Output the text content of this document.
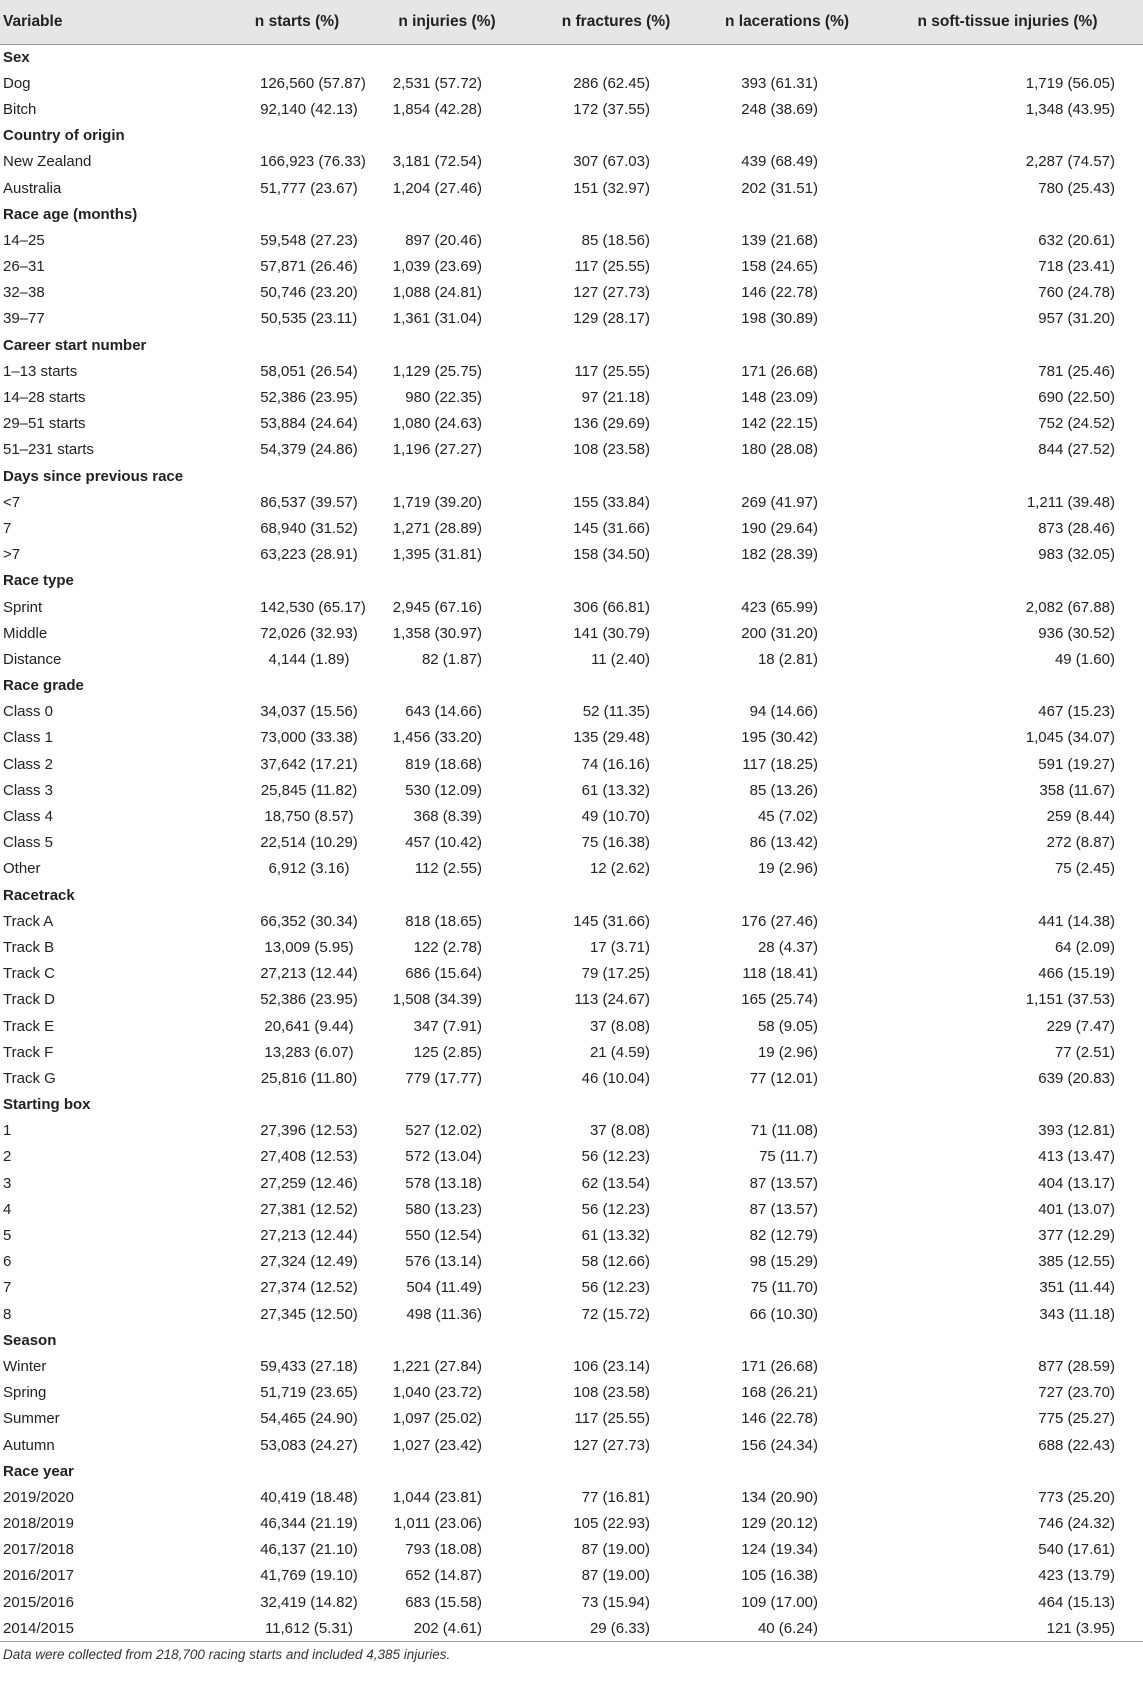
Variable	n starts (%)	n injuries (%)	n fractures (%)	n lacerations (%)	n soft-tissue injuries (%)
Sex					
Dog	126,560 (57.87)	2,531 (57.72)	286 (62.45)	393 (61.31)	1,719 (56.05)
Bitch	92,140 (42.13)	1,854 (42.28)	172 (37.55)	248 (38.69)	1,348 (43.95)
Country of origin					
New Zealand	166,923 (76.33)	3,181 (72.54)	307 (67.03)	439 (68.49)	2,287 (74.57)
Australia	51,777 (23.67)	1,204 (27.46)	151 (32.97)	202 (31.51)	780 (25.43)
Race age (months)					
14–25	59,548 (27.23)	897 (20.46)	85 (18.56)	139 (21.68)	632 (20.61)
26–31	57,871 (26.46)	1,039 (23.69)	117 (25.55)	158 (24.65)	718 (23.41)
32–38	50,746 (23.20)	1,088 (24.81)	127 (27.73)	146 (22.78)	760 (24.78)
39–77	50,535 (23.11)	1,361 (31.04)	129 (28.17)	198 (30.89)	957 (31.20)
Career start number					
1–13 starts	58,051 (26.54)	1,129 (25.75)	117 (25.55)	171 (26.68)	781 (25.46)
14–28 starts	52,386 (23.95)	980 (22.35)	97 (21.18)	148 (23.09)	690 (22.50)
29–51 starts	53,884 (24.64)	1,080 (24.63)	136 (29.69)	142 (22.15)	752 (24.52)
51–231 starts	54,379 (24.86)	1,196 (27.27)	108 (23.58)	180 (28.08)	844 (27.52)
Days since previous race					
<7	86,537 (39.57)	1,719 (39.20)	155 (33.84)	269 (41.97)	1,211 (39.48)
7	68,940 (31.52)	1,271 (28.89)	145 (31.66)	190 (29.64)	873 (28.46)
>7	63,223 (28.91)	1,395 (31.81)	158 (34.50)	182 (28.39)	983 (32.05)
Race type					
Sprint	142,530 (65.17)	2,945 (67.16)	306 (66.81)	423 (65.99)	2,082 (67.88)
Middle	72,026 (32.93)	1,358 (30.97)	141 (30.79)	200 (31.20)	936 (30.52)
Distance	4,144 (1.89)	82 (1.87)	11 (2.40)	18 (2.81)	49 (1.60)
Race grade					
Class 0	34,037 (15.56)	643 (14.66)	52 (11.35)	94 (14.66)	467 (15.23)
Class 1	73,000 (33.38)	1,456 (33.20)	135 (29.48)	195 (30.42)	1,045 (34.07)
Class 2	37,642 (17.21)	819 (18.68)	74 (16.16)	117 (18.25)	591 (19.27)
Class 3	25,845 (11.82)	530 (12.09)	61 (13.32)	85 (13.26)	358 (11.67)
Class 4	18,750 (8.57)	368 (8.39)	49 (10.70)	45 (7.02)	259 (8.44)
Class 5	22,514 (10.29)	457 (10.42)	75 (16.38)	86 (13.42)	272 (8.87)
Other	6,912 (3.16)	112 (2.55)	12 (2.62)	19 (2.96)	75 (2.45)
Racetrack					
Track A	66,352 (30.34)	818 (18.65)	145 (31.66)	176 (27.46)	441 (14.38)
Track B	13,009 (5.95)	122 (2.78)	17 (3.71)	28 (4.37)	64 (2.09)
Track C	27,213 (12.44)	686 (15.64)	79 (17.25)	118 (18.41)	466 (15.19)
Track D	52,386 (23.95)	1,508 (34.39)	113 (24.67)	165 (25.74)	1,151 (37.53)
Track E	20,641 (9.44)	347 (7.91)	37 (8.08)	58 (9.05)	229 (7.47)
Track F	13,283 (6.07)	125 (2.85)	21 (4.59)	19 (2.96)	77 (2.51)
Track G	25,816 (11.80)	779 (17.77)	46 (10.04)	77 (12.01)	639 (20.83)
Starting box					
1	27,396 (12.53)	527 (12.02)	37 (8.08)	71 (11.08)	393 (12.81)
2	27,408 (12.53)	572 (13.04)	56 (12.23)	75 (11.7)	413 (13.47)
3	27,259 (12.46)	578 (13.18)	62 (13.54)	87 (13.57)	404 (13.17)
4	27,381 (12.52)	580 (13.23)	56 (12.23)	87 (13.57)	401 (13.07)
5	27,213 (12.44)	550 (12.54)	61 (13.32)	82 (12.79)	377 (12.29)
6	27,324 (12.49)	576 (13.14)	58 (12.66)	98 (15.29)	385 (12.55)
7	27,374 (12.52)	504 (11.49)	56 (12.23)	75 (11.70)	351 (11.44)
8	27,345 (12.50)	498 (11.36)	72 (15.72)	66 (10.30)	343 (11.18)
Season					
Winter	59,433 (27.18)	1,221 (27.84)	106 (23.14)	171 (26.68)	877 (28.59)
Spring	51,719 (23.65)	1,040 (23.72)	108 (23.58)	168 (26.21)	727 (23.70)
Summer	54,465 (24.90)	1,097 (25.02)	117 (25.55)	146 (22.78)	775 (25.27)
Autumn	53,083 (24.27)	1,027 (23.42)	127 (27.73)	156 (24.34)	688 (22.43)
Race year					
2019/2020	40,419 (18.48)	1,044 (23.81)	77 (16.81)	134 (20.90)	773 (25.20)
2018/2019	46,344 (21.19)	1,011 (23.06)	105 (22.93)	129 (20.12)	746 (24.32)
2017/2018	46,137 (21.10)	793 (18.08)	87 (19.00)	124 (19.34)	540 (17.61)
2016/2017	41,769 (19.10)	652 (14.87)	87 (19.00)	105 (16.38)	423 (13.79)
2015/2016	32,419 (14.82)	683 (15.58)	73 (15.94)	109 (17.00)	464 (15.13)
2014/2015	11,612 (5.31)	202 (4.61)	29 (6.33)	40 (6.24)	121 (3.95)
Data were collected from 218,700 racing starts and included 4,385 injuries.
